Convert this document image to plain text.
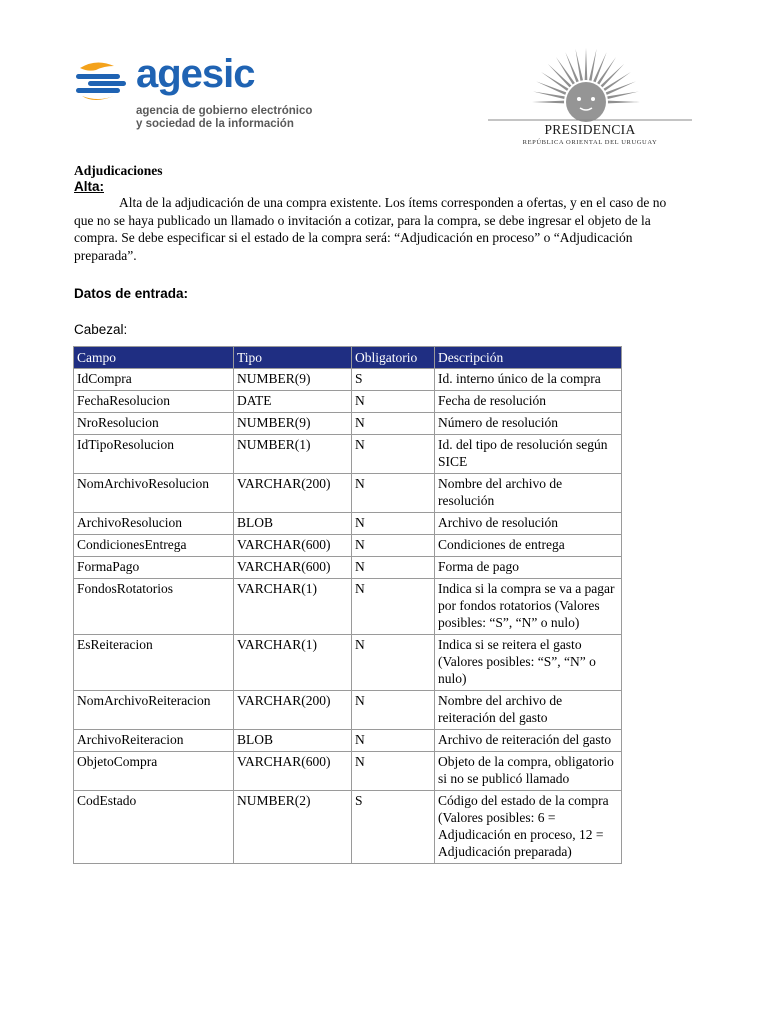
agesic
agencia de gobierno electrónico
y sociedad de la información	PRESIDENCIA
REPÚBLICA ORIENTAL DEL URUGUAY
Adjudicaciones
Alta:

Alta de la adjudicación de una compra existente. Los ítems corresponden a ofertas, y en el caso de no que no se haya publicado un llamado o invitación a cotizar, para la compra, se debe ingresar el objeto de la compra. Se debe especificar si el estado de la compra será: “Adjudicación en proceso” o “Adjudicación preparada”.

Datos de entrada:
Cabezal:
Campo	Tipo	Obligatorio	Descripción
IdCompra	NUMBER(9)	S	Id. interno único de la compra
FechaResolucion	DATE	N	Fecha de resolución
NroResolucion	NUMBER(9)	N	Número de resolución
IdTipoResolucion	NUMBER(1)	N	Id. del tipo de resolución según SICE
NomArchivoResolucion	VARCHAR(200)	N	Nombre del archivo de resolución
ArchivoResolucion	BLOB	N	Archivo de resolución
CondicionesEntrega	VARCHAR(600)	N	Condiciones de entrega
FormaPago	VARCHAR(600)	N	Forma de pago
FondosRotatorios	VARCHAR(1)	N	Indica si la compra se va a pagar por fondos rotatorios (Valores posibles: “S”, “N” o nulo)
EsReiteracion	VARCHAR(1)	N	Indica si se reitera el gasto (Valores posibles: “S”, “N” o nulo)
NomArchivoReiteracion	VARCHAR(200)	N	Nombre del archivo de reiteración del gasto
ArchivoReiteracion	BLOB	N	Archivo de reiteración del gasto
ObjetoCompra	VARCHAR(600)	N	Objeto de la compra, obligatorio si no se publicó llamado
CodEstado	NUMBER(2)	S	Código del estado de la compra (Valores posibles: 6 = Adjudicación en proceso, 12 = Adjudicación preparada)
